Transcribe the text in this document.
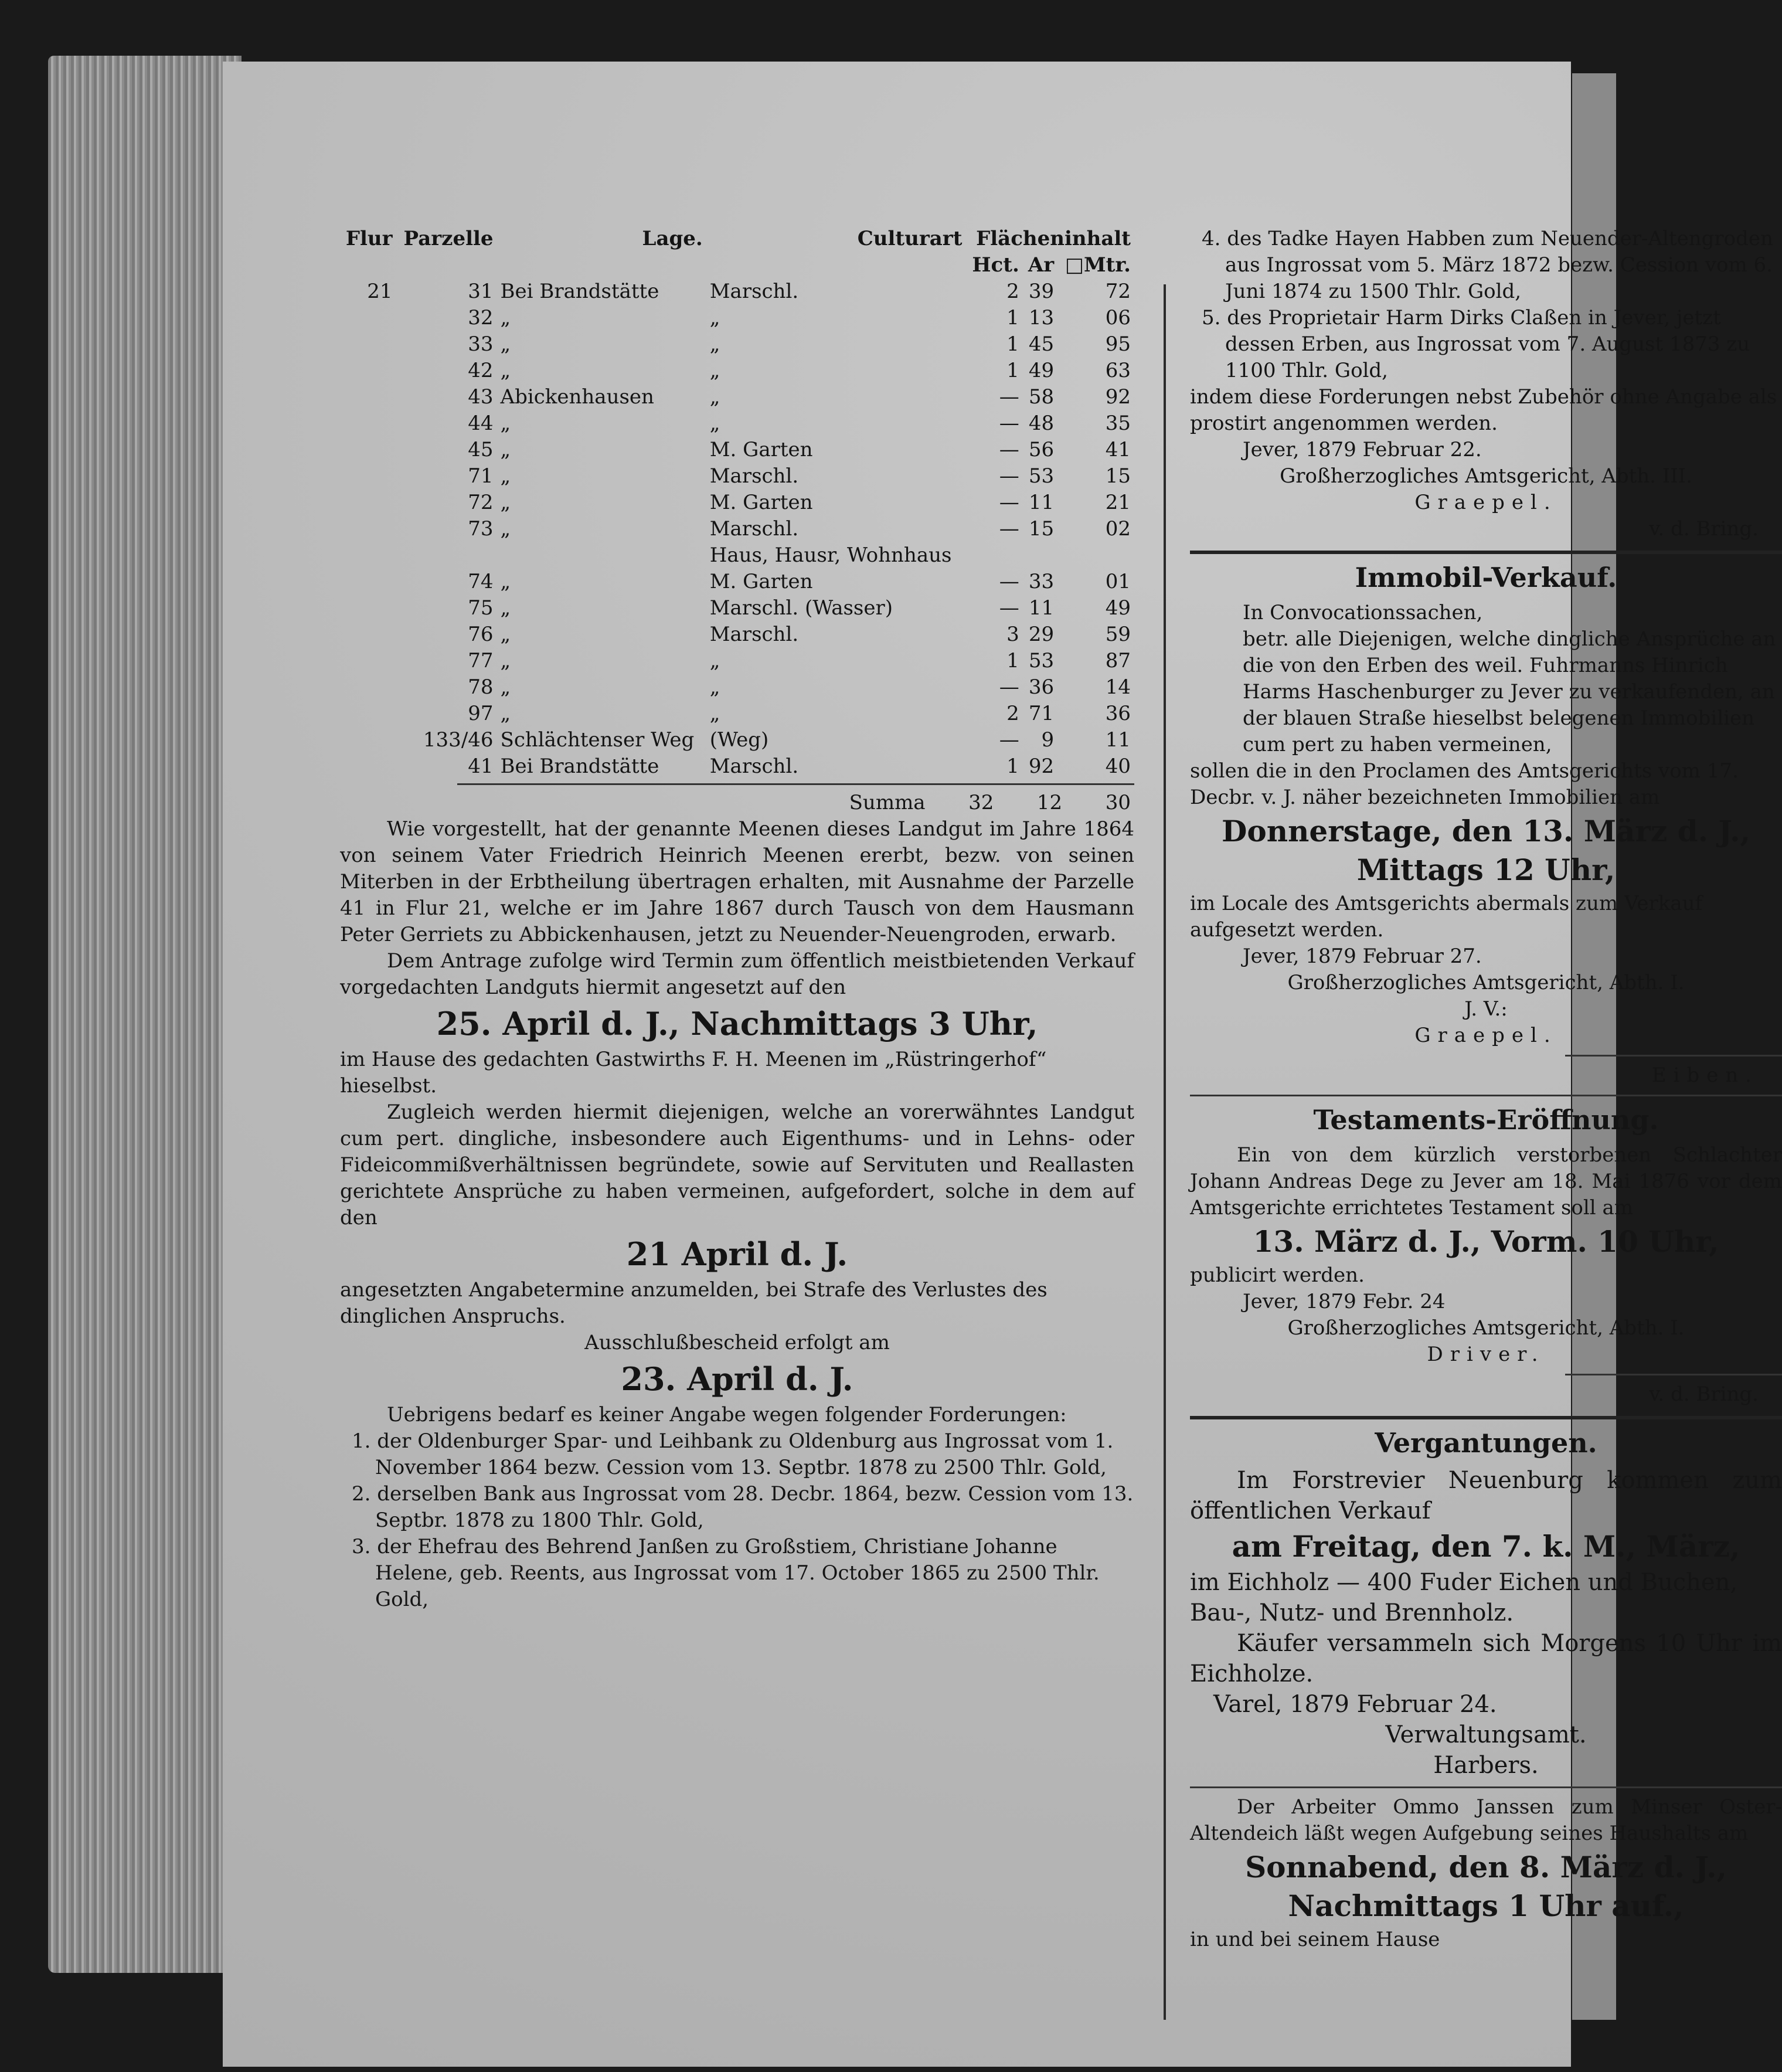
Flur	Parzelle	Lage.	Culturart	Flächeninhalt		
				Hct.	Ar	□Mtr.
21	31	Bei Brandstätte	Marschl.	2	39	72
	32	„	„	1	13	06
	33	„	„	1	45	95
	42	„	„	1	49	63
	43	Abickenhausen	„	—	58	92
	44	„	„	—	48	35
	45	„	M. Garten	—	56	41
	71	„	Marschl.	—	53	15
	72	„	M. Garten	—	11	21
	73	„	Marschl.	—	15	02
			Haus, Hausr, Wohnhaus			
	74	„	M. Garten	—	33	01
	75	„	Marschl. (Wasser)	—	11	49
	76	„	Marschl.	3	29	59
	77	„	„	1	53	87
	78	„	„	—	36	14
	97	„	„	2	71	36
	133/46	Schlächtenser Weg	(Weg)	—	9	11
	41	Bei Brandstätte	Marschl.	1	92	40
	Summa	32	12	30

Wie vorgestellt, hat der genannte Meenen dieses Landgut im Jahre 1864 von seinem Vater Friedrich Heinrich Meenen ererbt, bezw. von seinen Miterben in der Erbtheilung übertragen erhalten, mit Ausnahme der Parzelle 41 in Flur 21, welche er im Jahre 1867 durch Tausch von dem Hausmann Peter Gerriets zu Abbickenhausen, jetzt zu Neuender-Neuengroden, erwarb.

Dem Antrage zufolge wird Termin zum öffentlich meistbietenden Verkauf vorgedachten Landguts hiermit angesetzt auf den

25. April d. J., Nachmittags 3 Uhr,

im Hause des gedachten Gastwirths F. H. Meenen im „Rüstringerhof“ hieselbst.

Zugleich werden hiermit diejenigen, welche an vorerwähntes Landgut cum pert. dingliche, insbesondere auch Eigenthums- und in Lehns- oder Fideicommißverhältnissen begründete, sowie auf Servituten und Reallasten gerichtete Ansprüche zu haben vermeinen, aufgefordert, solche in dem auf den

21 April d. J.

angesetzten Angabetermine anzumelden, bei Strafe des Verlustes des dinglichen Anspruchs.

Ausschlußbescheid erfolgt am

23. April d. J.

Uebrigens bedarf es keiner Angabe wegen folgender Forderungen:

1. der Oldenburger Spar- und Leihbank zu Oldenburg aus Ingrossat vom 1. November 1864 bezw. Cession vom 13. Septbr. 1878 zu 2500 Thlr. Gold,

2. derselben Bank aus Ingrossat vom 28. Decbr. 1864, bezw. Cession vom 13. Septbr. 1878 zu 1800 Thlr. Gold,

3. der Ehefrau des Behrend Janßen zu Großstiem, Christiane Johanne Helene, geb. Reents, aus Ingrossat vom 17. October 1865 zu 2500 Thlr. Gold,

4. des Tadke Hayen Habben zum Neuender-Altengroden aus Ingrossat vom 5. März 1872 bezw. Cession vom 6. Juni 1874 zu 1500 Thlr. Gold,

5. des Proprietair Harm Dirks Claßen in Jever, jetzt dessen Erben, aus Ingrossat vom 7. August 1873 zu 1100 Thlr. Gold,

indem diese Forderungen nebst Zubehör ohne Angabe als prostirt angenommen werden.

Jever, 1879 Februar 22.

Großherzogliches Amtsgericht, Abth. III.

Graepel.

v. d. Bring.

Immobil-Verkauf.

In Convocationssachen,

betr. alle Diejenigen, welche dingliche Ansprüche an die von den Erben des weil. Fuhrmanns Hinrich Harms Haschenburger zu Jever zu verkaufenden, an der blauen Straße hieselbst belegenen Immobilien cum pert zu haben vermeinen,

sollen die in den Proclamen des Amtsgerichts vom 17. Decbr. v. J. näher bezeichneten Immobilien am

Donnerstage, den 13. März d. J.,
Mittags 12 Uhr,

im Locale des Amtsgerichts abermals zum Verkauf aufgesetzt werden.

Jever, 1879 Februar 27.

Großherzogliches Amtsgericht, Abth. I.

J. V.:

Graepel.

Eiben.

Testaments-Eröffnung.

Ein von dem kürzlich verstorbenen Schlachter Johann Andreas Dege zu Jever am 18. Mai 1876 vor dem Amtsgerichte errichtetes Testament soll am

13. März d. J., Vorm. 10 Uhr,

publicirt werden.

Jever, 1879 Febr. 24

Großherzogliches Amtsgericht, Abth. I.

Driver.

v. d. Bring.

Vergantungen.

Im Forstrevier Neuenburg kommen zum öffentlichen Verkauf

am Freitag, den 7. k. M., März,

im Eichholz — 400 Fuder Eichen und Buchen, Bau-, Nutz- und Brennholz.

Käufer versammeln sich Morgens 10 Uhr im Eichholze.

Varel, 1879 Februar 24.

Verwaltungsamt.

Harbers.

Der Arbeiter Ommo Janssen zum Minser Oster-Altendeich läßt wegen Aufgebung seines Haushalts am

Sonnabend, den 8. März d. J.,
Nachmittags 1 Uhr auf.,

in und bei seinem Hause
